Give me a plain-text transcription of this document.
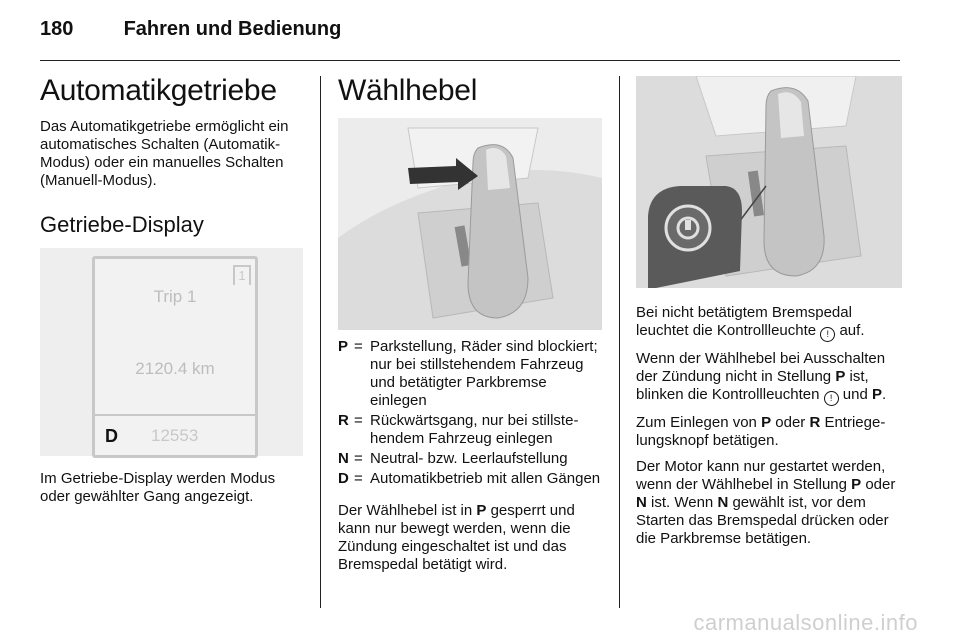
180	Fahren und Bedienung
Automatikgetriebe

Das Automatikgetriebe ermöglicht ein automatisches Schalten (Automatik-Modus) oder ein manuelles Schalten (Manuell-Modus).

Getriebe-Display
1
Trip 1
2120.4 km
D 12553

Im Getriebe-Display werden Modus oder gewählter Gang angezeigt.

Wählhebel
P = Parkstellung, Räder sind blockiert; nur bei stillstehendem Fahrzeug und betätigter Parkbremse einlegen
R = Rückwärtsgang, nur bei stillstehendem Fahrzeug einlegen
N = Neutral- bzw. Leerlaufstellung
D = Automatikbetrieb mit allen Gängen

Der Wählhebel ist in P gesperrt und kann nur bewegt werden, wenn die Zündung eingeschaltet ist und das Bremspedal betätigt wird.

Bei nicht betätigtem Bremspedal leuchtet die Kontrollleuchte ! auf.

Wenn der Wählhebel bei Ausschalten der Zündung nicht in Stellung P ist, blinken die Kontrollleuchten ! und P.

Zum Einlegen von P oder R Entriegelungsknopf betätigen.

Der Motor kann nur gestartet werden, wenn der Wählhebel in Stellung P oder N ist. Wenn N gewählt ist, vor dem Starten das Bremspedal drücken oder die Parkbremse betätigen.

carmanualsonline.info
